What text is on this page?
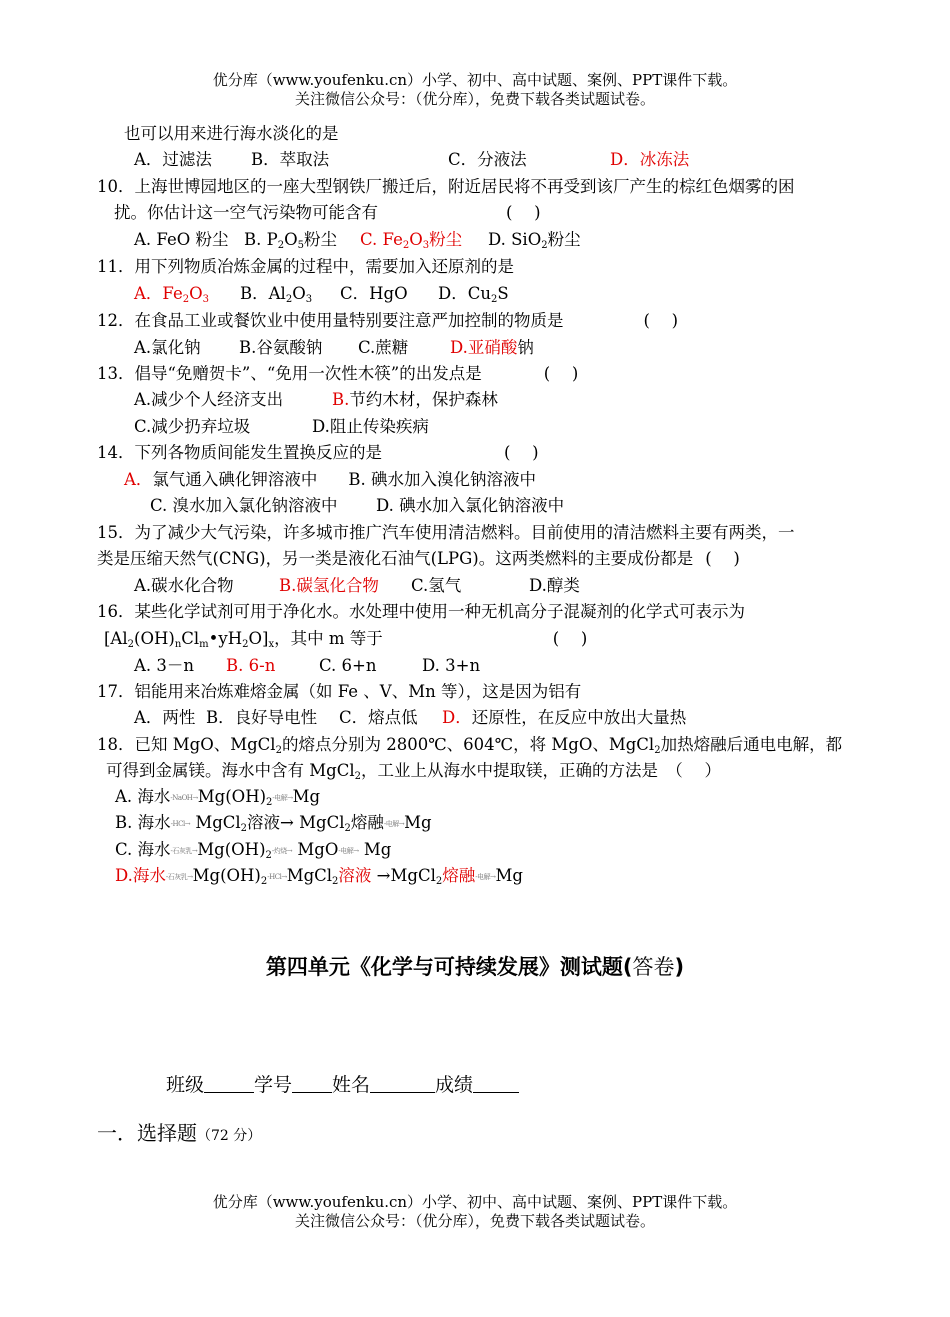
优分库（www.youfenku.cn）小学、初中、高中试题、案例、PPT课件下载。
关注微信公众号：（优分库），免费下载各类试题试卷。
也可以用来进行海水淡化的是
A．过滤法 B．萃取法	C．分液法	D．冰冻法
10．上海世博园地区的一座大型钢铁厂搬迁后，附近居民将不再受到该厂产生的棕红色烟雾的困
扰。你估计这一空气污染物可能含有	(　 )
A. FeO 粉尘 B. $P_2O_5$粉尘 C. $Fe_2O_3$粉尘 D. SiO$_2$粉尘
11．用下列物质冶炼金属的过程中，需要加入还原剂的是
A．$Fe_2O_3$ B．$Al_2O_3$ C．HgO D．$Cu_2S$
12．在食品工业或餐饮业中使用量特别要注意严加控制的物质是	(　 )
A.氯化钠 B.谷氨酸钠 C.蔗糖	D.亚硝酸钠
13．倡导“免赠贺卡”、“免用一次性木筷”的出发点是	(　 )
A.减少个人经济支出	B.节约木材，保护森林
C.减少扔弃垃圾	D.阻止传染疾病
14．下列各物质间能发生置换反应的是	(　 )
A．氯气通入碘化钾溶液中 B. 碘水加入溴化钠溶液中
C. 溴水加入氯化钠溶液中 D. 碘水加入氯化钠溶液中
15．为了减少大气污染，许多城市推广汽车使用清洁燃料。目前使用的清洁燃料主要有两类，一
类是压缩天然气(CNG)，另一类是液化石油气(LPG)。这两类燃料的主要成份都是 (　 )
A.碳水化合物	B.碳氢化合物 C.氢气	D.醇类
16．某些化学试剂可用于净化水。水处理中使用一种无机高分子混凝剂的化学式可表示为
$[Al_2(OH)_nCl_m•yH_2O]_x$，其中 m 等于	(　 )
A. 3－n B. 6-n	C. 6+n	D. 3+n
17．铝能用来冶炼难熔金属（如 Fe 、V、Mn 等），这是因为铝有
A．两性 B．良好导电性 C．熔点低 D．还原性，在反应中放出大量热
18．已知 MgO、MgCl$_2$的熔点分别为 2800℃、604℃，将 MgO、MgCl$_2$加热熔融后通电电解，都
可得到金属镁。海水中含有 MgCl$_2$，工业上从海水中提取镁，正确的方法是　（　 ）
A. 海水$-NaOH\to Mg(OH)_2-$电解→Mg
B. 海水-HCl→ MgCl$_2$溶液→ MgCl$_2$熔融-电解→Mg
C. 海水-石灰乳$\to Mg(OH)_2-$灼烧→ MgO-电解→ Mg
D.海水-石灰乳$\to Mg(OH)_2-HCl\to MgCl_2$溶液 →MgCl$_2$熔融-电解→Mg
第四单元《化学与可持续发展》测试题(答卷)
班级	学号 姓名	成绩
一．选择题（72 分）
优分库（www.youfenku.cn）小学、初中、高中试题、案例、PPT课件下载。
关注微信公众号：（优分库），免费下载各类试题试卷。
